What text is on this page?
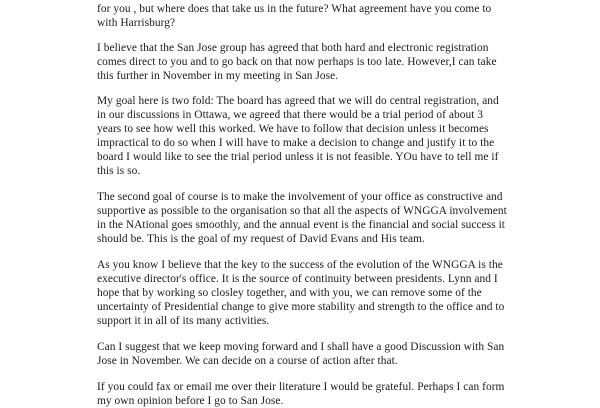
for you , but where does that take us in the future? What agreement have you come to

with Harrisburg?

I believe that the San Jose group has agreed that both hard and electronic registration

comes direct to you and to go back on that now perhaps is too late. However,I can take

this further in November in my meeting in San Jose.

My goal here is two fold: The board has agreed that we will do central registration, and

in our discussions in Ottawa, we agreed that there would be a trial period of about 3

years to see how well this worked. We have to follow that decision unless it becomes

impractical to do so when I will have to make a decision to change and justify it to the

board I would like to see the trial period unless it is not feasible. YOu have to tell me if

this is so.

The second goal of course is to make the involvement of your office as constructive and

supportive as possible to the organisation so that all the aspects of WNGGA involvement

in the NAtional goes smoothly, and the annual event is the financial and social success it

should be. This is the goal of my request of David Evans and His team.

As you know I believe that the key to the success of the evolution of the WNGGA is the

executive director's office. It is the source of continuity between presidents. Lynn and I

hope that by working so closley together, and with you, we can remove some of the

uncertainty of Presidential change to give more stability and strength to the office and to

support it in all of its many activities.

Can I suggest that we keep moving forward and I shall have a good Discussion with San

Jose in November. We can decide on a course of action after that.

If you could fax or email me over their literature I would be grateful. Perhaps I can form

my own opinion before I go to San Jose.
